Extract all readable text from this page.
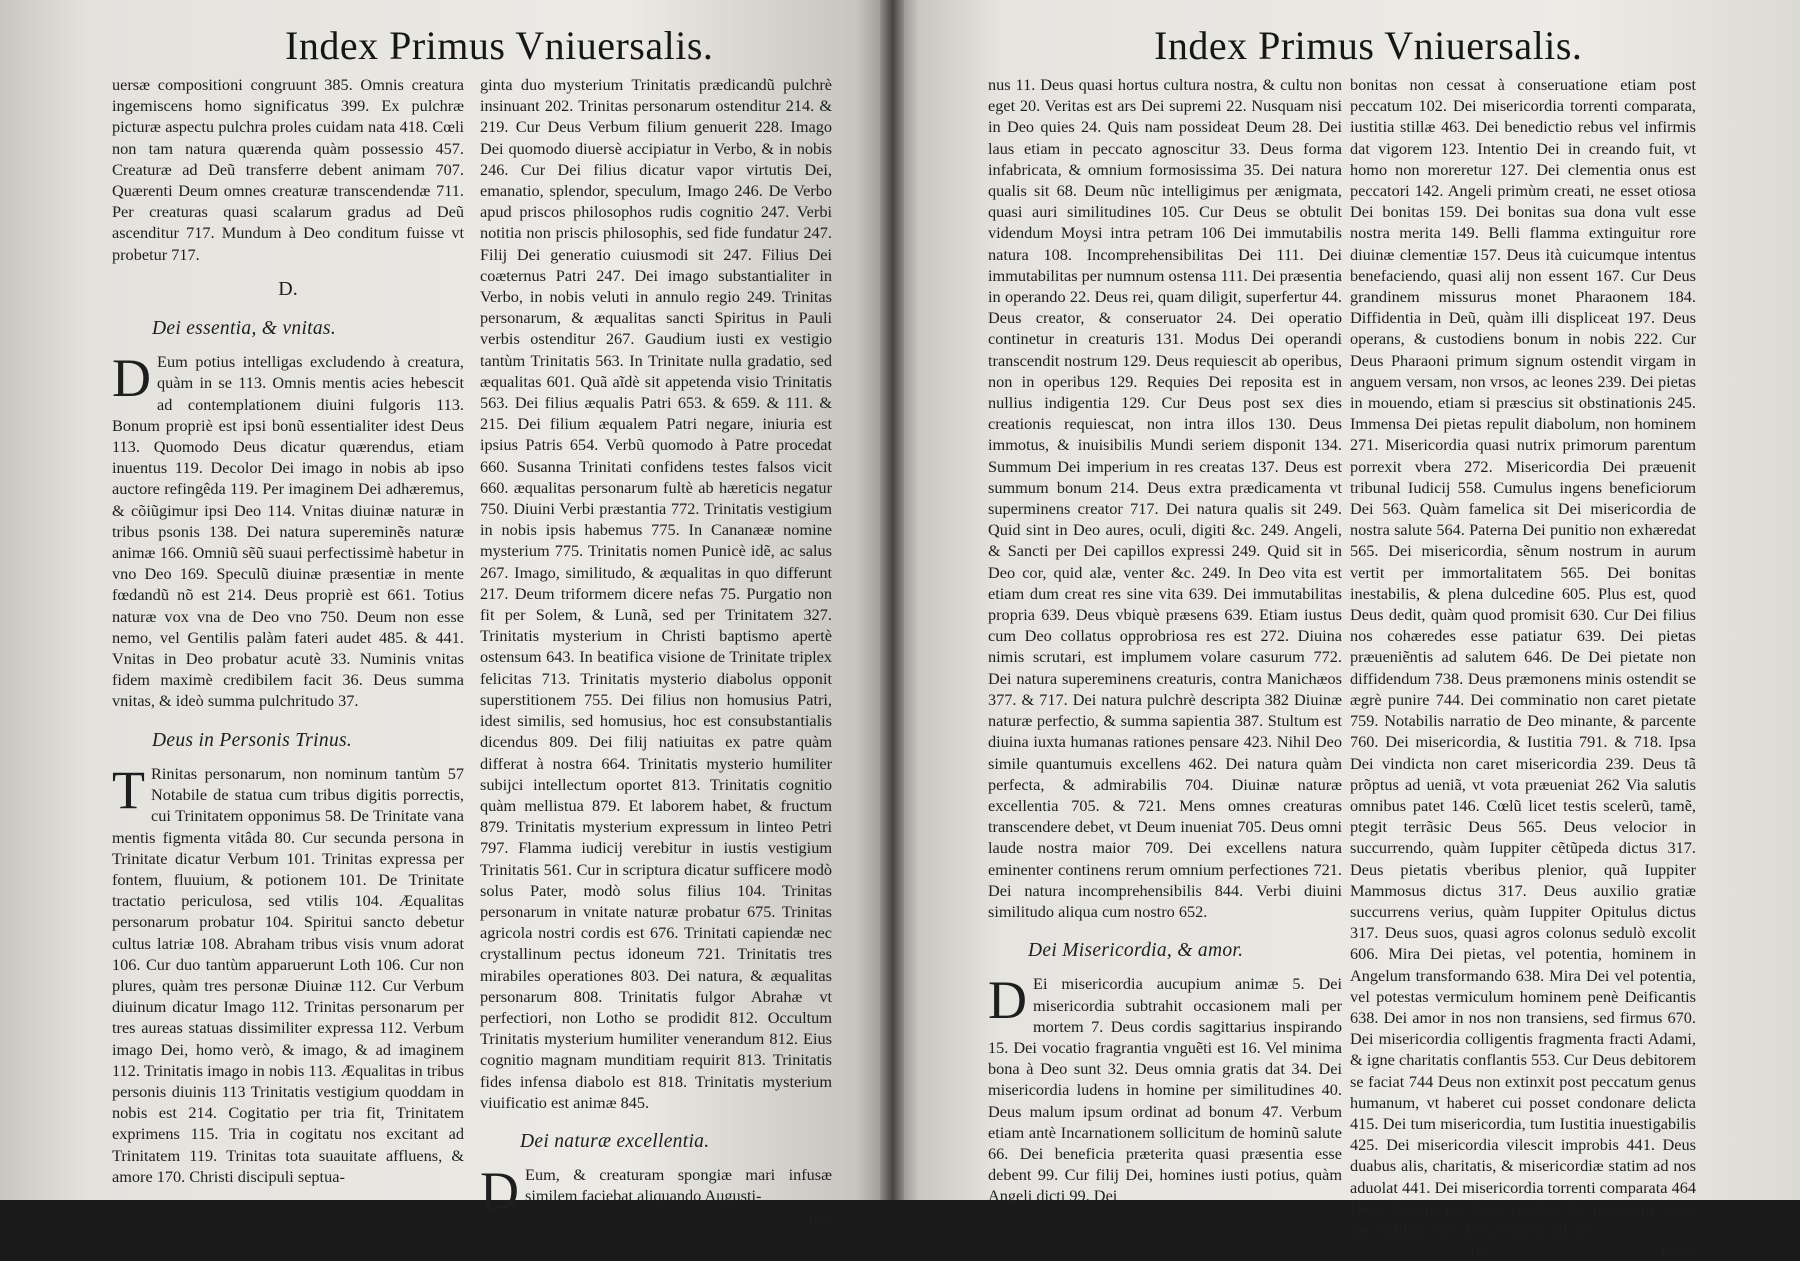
Index Primus Vniuersalis.

uersæ compositioni congruunt 385. Omnis creatura ingemiscens homo significatus 399. Ex pulchræ picturæ aspectu pulchra proles cuidam nata 418. Cœli non tam natura quærenda quàm possessio 457. Creaturæ ad Deũ transferre debent animam 707. Quærenti Deum omnes creaturæ transcendendæ 711. Per creaturas quasi scalarum gradus ad Deũ ascenditur 717. Mundum à Deo conditum fuisse vt probetur 717.

D.

Dei essentia, & vnitas.

D Eum potius intelligas excludendo à creatura, quàm in se 113. Omnis mentis acies hebescit ad contemplationem diuini fulgoris 113. Bonum propriè est ipsi bonũ essentialiter idest Deus 113. Quomodo Deus dicatur quærendus, etiam inuentus 119. Decolor Dei imago in nobis ab ipso auctore refingêda 119. Per imaginem Dei adhæremus, & cõiũgimur ipsi Deo 114. Vnitas diuinæ naturæ in tribus psonis 138. Dei natura supereminẽs naturæ animæ 166. Omniũ sẽũ suaui perfectissimè habetur in vno Deo 169. Speculũ diuinæ præsentiæ in mente fœdandũ nõ est 214. Deus propriè est 661. Totius naturæ vox vna de Deo vno 750. Deum non esse nemo, vel Gentilis palàm fateri audet 485. & 441. Vnitas in Deo probatur acutè 33. Numinis vnitas fidem maximè credibilem facit 36. Deus summa vnitas, & ideò summa pulchritudo 37.

Deus in Personis Trinus.

T Rinitas personarum, non nominum tantùm 57 Notabile de statua cum tribus digitis porrectis, cui Trinitatem opponimus 58. De Trinitate vana mentis figmenta vitâda 80. Cur secunda persona in Trinitate dicatur Verbum 101. Trinitas expressa per fontem, fluuium, & potionem 101. De Trinitate tractatio periculosa, sed vtilis 104. Æqualitas personarum probatur 104. Spiritui sancto debetur cultus latriæ 108. Abraham tribus visis vnum adorat 106. Cur duo tantùm apparuerunt Loth 106. Cur non plures, quàm tres personæ Diuinæ 112. Cur Verbum diuinum dicatur Imago 112. Trinitas personarum per tres aureas statuas dissimiliter expressa 112. Verbum imago Dei, homo verò, & imago, & ad imaginem 112. Trinitatis imago in nobis 113. Æqualitas in tribus personis diuinis 113 Trinitatis vestigium quoddam in nobis est 214. Cogitatio per tria fit, Trinitatem exprimens 115. Tria in cogitatu nos excitant ad Trinitatem 119. Trinitas tota suauitate affluens, & amore 170. Christi discipuli septua-

ginta duo mysterium Trinitatis prædicandũ pulchrè insinuant 202. Trinitas personarum ostenditur 214. & 219. Cur Deus Verbum filium genuerit 228. Imago Dei quomodo diuersè accipiatur in Verbo, & in nobis 246. Cur Dei filius dicatur vapor virtutis Dei, emanatio, splendor, speculum, Imago 246. De Verbo apud priscos philosophos rudis cognitio 247. Verbi notitia non priscis philosophis, sed fide fundatur 247. Filij Dei generatio cuiusmodi sit 247. Filius Dei coæternus Patri 247. Dei imago substantialiter in Verbo, in nobis veluti in annulo regio 249. Trinitas personarum, & æqualitas sancti Spiritus in Pauli verbis ostenditur 267. Gaudium iusti ex vestigio tantùm Trinitatis 563. In Trinitate nulla gradatio, sed æqualitas 601. Quã aĩdè sit appetenda visio Trinitatis 563. Dei filius æqualis Patri 653. & 659. & 111. & 215. Dei filium æqualem Patri negare, iniuria est ipsius Patris 654. Verbũ quomodo à Patre procedat 660. Susanna Trinitati confidens testes falsos vicit 660. æqualitas personarum fultè ab hæreticis negatur 750. Diuini Verbi præstantia 772. Trinitatis vestigium in nobis ipsis habemus 775. In Cananææ nomine mysterium 775. Trinitatis nomen Punicè idẽ, ac salus 267. Imago, similitudo, & æqualitas in quo differunt 217. Deum triformem dicere nefas 75. Purgatio non fit per Solem, & Lunã, sed per Trinitatem 327. Trinitatis mysterium in Christi baptismo apertè ostensum 643. In beatifica visione de Trinitate triplex felicitas 713. Trinitatis mysterio diabolus opponit superstitionem 755. Dei filius non homusius Patri, idest similis, sed homusius, hoc est consubstantialis dicendus 809. Dei filij natiuitas ex patre quàm differat à nostra 664. Trinitatis mysterio humiliter subijci intellectum oportet 813. Trinitatis cognitio quàm mellistua 879. Et laborem habet, & fructum 879. Trinitatis mysterium expressum in linteo Petri 797. Flamma iudicij verebitur in iustis vestigium Trinitatis 561. Cur in scriptura dicatur sufficere modò solus Pater, modò solus filius 104. Trinitas personarum in vnitate naturæ probatur 675. Trinitas agricola nostri cordis est 676. Trinitati capiendæ nec crystallinum pectus idoneum 721. Trinitatis tres mirabiles operationes 803. Dei natura, & æqualitas personarum 808. Trinitatis fulgor Abrahæ vt perfectiori, non Lotho se prodidit 812. Occultum Trinitatis mysterium humiliter venerandum 812. Eius cognitio magnam munditiam requirit 813. Trinitatis fides infensa diabolo est 818. Trinitatis mysterium viuificatio est animæ 845.

Dei naturæ excellentia.

D Eum, & creaturam spongiæ mari infusæ similem faciebat aliquando Augusti-

nus

Index Primus Vniuersalis.

nus 11. Deus quasi hortus cultura nostra, & cultu non eget 20. Veritas est ars Dei supremi 22. Nusquam nisi in Deo quies 24. Quis nam possideat Deum 28. Dei laus etiam in peccato agnoscitur 33. Deus forma infabricata, & omnium formosissima 35. Dei natura qualis sit 68. Deum nũc intelligimus per ænigmata, quasi auri similitudines 105. Cur Deus se obtulit videndum Moysi intra petram 106 Dei immutabilis natura 108. Incomprehensibilitas Dei 111. Dei immutabilitas per numnum ostensa 111. Dei præsentia in operando 22. Deus rei, quam diligit, superfertur 44. Deus creator, & conseruator 24. Dei operatio continetur in creaturis 131. Modus Dei operandi transcendit nostrum 129. Deus requiescit ab operibus, non in operibus 129. Requies Dei reposita est in nullius indigentia 129. Cur Deus post sex dies creationis requiescat, non intra illos 130. Deus immotus, & inuisibilis Mundi seriem disponit 134. Summum Dei imperium in res creatas 137. Deus est summum bonum 214. Deus extra prædicamenta vt superminens creator 717. Dei natura qualis sit 249. Quid sint in Deo aures, oculi, digiti &c. 249. Angeli, & Sancti per Dei capillos expressi 249. Quid sit in Deo cor, quid alæ, venter &c. 249. In Deo vita est etiam dum creat res sine vita 639. Dei immutabilitas propria 639. Deus vbiquè præsens 639. Etiam iustus cum Deo collatus opprobriosa res est 272. Diuina nimis scrutari, est implumem volare casurum 772. Dei natura supereminens creaturis, contra Manichæos 377. & 717. Dei natura pulchrè descripta 382 Diuinæ naturæ perfectio, & summa sapientia 387. Stultum est diuina iuxta humanas rationes pensare 423. Nihil Deo simile quantumuis excellens 462. Dei natura quàm perfecta, & admirabilis 704. Diuinæ naturæ excellentia 705. & 721. Mens omnes creaturas transcendere debet, vt Deum inueniat 705. Deus omni laude nostra maior 709. Dei excellens natura eminenter continens rerum omnium perfectiones 721. Dei natura incomprehensibilis 844. Verbi diuini similitudo aliqua cum nostro 652.

Dei Misericordia, & amor.

D Ei misericordia aucupium animæ 5. Dei misericordia subtrahit occasionem mali per mortem 7. Deus cordis sagittarius inspirando 15. Dei vocatio fragrantia vnguẽti est 16. Vel minima bona à Deo sunt 32. Deus omnia gratis dat 34. Dei misericordia ludens in homine per similitudines 40. Deus malum ipsum ordinat ad bonum 47. Verbum etiam antè Incarnationem sollicitum de hominũ salute 66. Dei beneficia præterita quasi præsentia esse debent 99. Cur filij Dei, homines iusti potius, quàm Angeli dicti 99. Dei

bonitas non cessat à conseruatione etiam post peccatum 102. Dei misericordia torrenti comparata, iustitia stillæ 463. Dei benedictio rebus vel infirmis dat vigorem 123. Intentio Dei in creando fuit, vt homo non moreretur 127. Dei clementia onus est peccatori 142. Angeli primùm creati, ne esset otiosa Dei bonitas 159. Dei bonitas sua dona vult esse nostra merita 149. Belli flamma extinguitur rore diuinæ clementiæ 157. Deus ità cuicumque intentus benefaciendo, quasi alij non essent 167. Cur Deus grandinem missurus monet Pharaonem 184. Diffidentia in Deũ, quàm illi displiceat 197. Deus operans, & custodiens bonum in nobis 222. Cur Deus Pharaoni primum signum ostendit virgam in anguem versam, non vrsos, ac leones 239. Dei pietas in mouendo, etiam si præscius sit obstinationis 245. Immensa Dei pietas repulit diabolum, non hominem 271. Misericordia quasi nutrix primorum parentum porrexit vbera 272. Misericordia Dei præuenit tribunal Iudicij 558. Cumulus ingens beneficiorum Dei 563. Quàm famelica sit Dei misericordia de nostra salute 564. Paterna Dei punitio non exhæredat 565. Dei misericordia, sẽnum nostrum in aurum vertit per immortalitatem 565. Dei bonitas inestabilis, & plena dulcedine 605. Plus est, quod Deus dedit, quàm quod promisit 630. Cur Dei filius nos cohæredes esse patiatur 639. Dei pietas præueniẽntis ad salutem 646. De Dei pietate non diffidendum 738. Deus præmonens minis ostendit se ægrè punire 744. Dei comminatio non caret pietate 759. Notabilis narratio de Deo minante, & parcente 760. Dei misericordia, & Iustitia 791. & 718. Ipsa Dei vindicta non caret misericordia 239. Deus tã prõptus ad ueniã, vt vota præueniat 262 Via salutis omnibus patet 146. Cœlũ licet testis scelerũ, tamẽ, ptegit terrãsic Deus 565. Deus velocior in succurrendo, quàm Iuppiter cẽtũpeda dictus 317. Deus pietatis vberibus plenior, quã Iuppiter Mammosus dictus 317. Deus auxilio gratiæ succurrens verius, quàm Iuppiter Opitulus dictus 317. Deus suos, quasi agros colonus sedulò excolit 606. Mira Dei pietas, vel potentia, hominem in Angelum transformando 638. Mira Dei vel potentia, vel potestas vermiculum hominem penè Deificantis 638. Dei amor in nos non transiens, sed firmus 670. Dei misericordia colligentis fragmenta fracti Adami, & igne charitatis conflantis 553. Cur Deus debitorem se faciat 744 Deus non extinxit post peccatum genus humanum, vt haberet cui posset condonare delicta 415. Dei tum misericordia, tum Iustitia inuestigabilis 425. Dei misericordia vilescit improbis 441. Deus duabus alis, charitatis, & misericordiæ statim ad nos aduolat 441. Dei misericordia torrenti comparata 464 Deus homini tot bona confert ob imaginem suam ipsi inditam 729. Dei pietatem ad im-

Iiii	puni-
